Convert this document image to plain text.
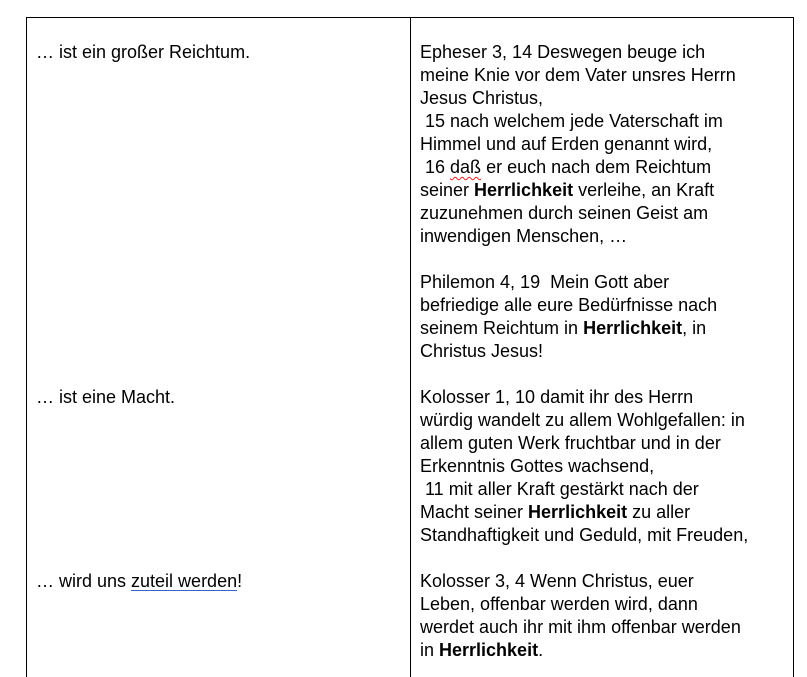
… ist ein großer Reichtum.
… ist eine Macht.
… wird uns zuteil werden!
Epheser 3, 14 Deswegen beuge ich
meine Knie vor dem Vater unsres Herrn
Jesus Christus,
15 nach welchem jede Vaterschaft im
Himmel und auf Erden genannt wird,
16 daß er euch nach dem Reichtum
seiner Herrlichkeit verleihe, an Kraft
zuzunehmen durch seinen Geist am
inwendigen Menschen, …
Philemon 4, 19  Mein Gott aber
befriedige alle eure Bedürfnisse nach
seinem Reichtum in Herrlichkeit, in
Christus Jesus!
Kolosser 1, 10 damit ihr des Herrn
würdig wandelt zu allem Wohlgefallen: in
allem guten Werk fruchtbar und in der
Erkenntnis Gottes wachsend,
11 mit aller Kraft gestärkt nach der
Macht seiner Herrlichkeit zu aller
Standhaftigkeit und Geduld, mit Freuden,
Kolosser 3, 4 Wenn Christus, euer
Leben, offenbar werden wird, dann
werdet auch ihr mit ihm offenbar werden
in Herrlichkeit.
